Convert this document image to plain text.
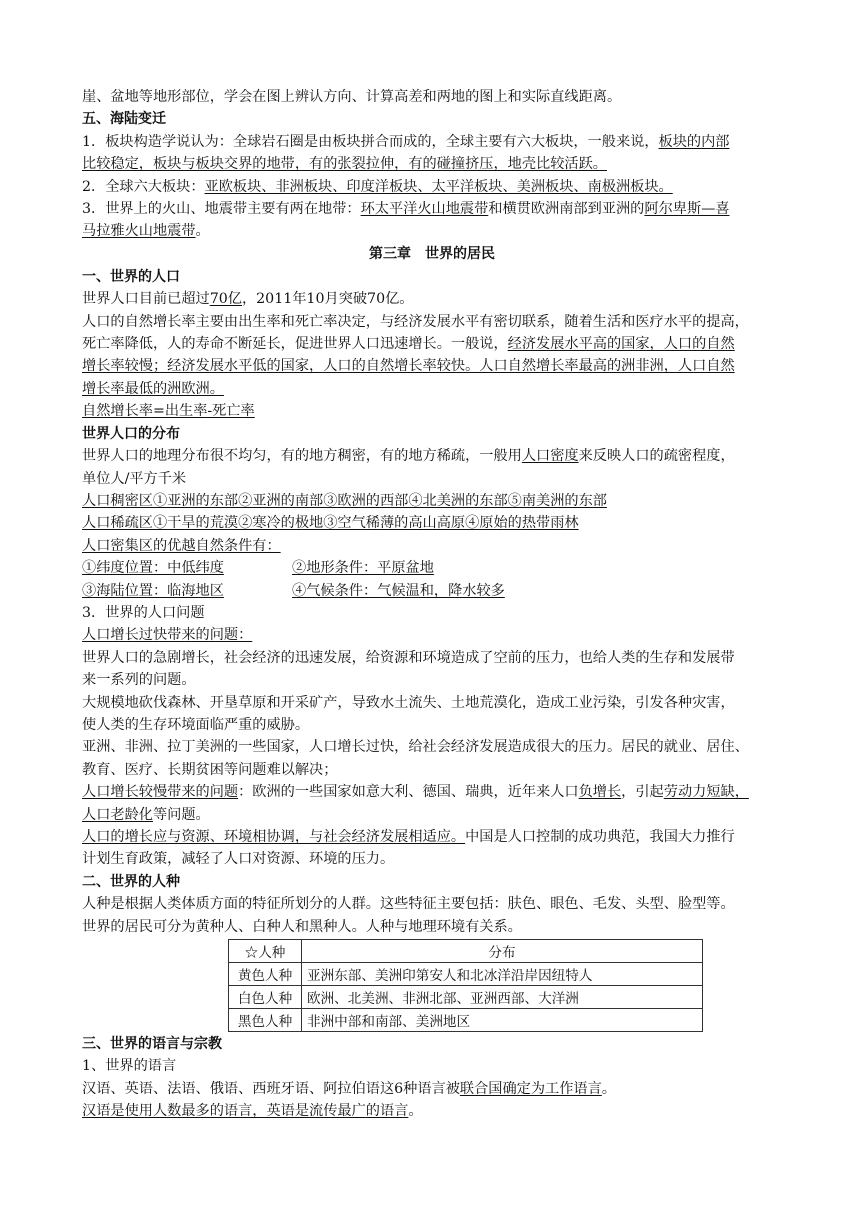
崖、盆地等地形部位，学会在图上辨认方向、计算高差和两地的图上和实际直线距离。
五、海陆变迁
1．板块构造学说认为：全球岩石圈是由板块拼合而成的，全球主要有六大板块，一般来说，板块的内部
比较稳定，板块与板块交界的地带，有的张裂拉伸，有的碰撞挤压，地壳比较活跃。
2．全球六大板块：亚欧板块、非洲板块、印度洋板块、太平洋板块、美洲板块、南极洲板块。
3．世界上的火山、地震带主要有两在地带：环太平洋火山地震带和横贯欧洲南部到亚洲的阿尔卑斯—喜
马拉雅火山地震带。
第三章　世界的居民
一、世界的人口
世界人口目前已超过70亿，2011年10月突破70亿。
人口的自然增长率主要由出生率和死亡率决定，与经济发展水平有密切联系，随着生活和医疗水平的提高，
死亡率降低，人的寿命不断延长，促进世界人口迅速增长。一般说，经济发展水平高的国家，人口的自然
增长率较慢；经济发展水平低的国家，人口的自然增长率较快。人口自然增长率最高的洲非洲，人口自然
增长率最低的洲欧洲。
自然增长率=出生率-死亡率
世界人口的分布
世界人口的地理分布很不均匀，有的地方稠密，有的地方稀疏，一般用人口密度来反映人口的疏密程度，
单位人/平方千米
人口稠密区①亚洲的东部②亚洲的南部③欧洲的西部④北美洲的东部⑤南美洲的东部
人口稀疏区①干旱的荒漠②寒冷的极地③空气稀薄的高山高原④原始的热带雨林
人口密集区的优越自然条件有：
①纬度位置：中低纬度	②地形条件：平原盆地
③海陆位置：临海地区	④气候条件：气候温和，降水较多
3．世界的人口问题
人口增长过快带来的问题：
世界人口的急剧增长，社会经济的迅速发展，给资源和环境造成了空前的压力，也给人类的生存和发展带
来一系列的问题。
大规模地砍伐森林、开垦草原和开采矿产，导致水土流失、土地荒漠化，造成工业污染，引发各种灾害，
使人类的生存环境面临严重的威胁。
亚洲、非洲、拉丁美洲的一些国家，人口增长过快，给社会经济发展造成很大的压力。居民的就业、居住、
教育、医疗、长期贫困等问题难以解决；
人口增长较慢带来的问题：欧洲的一些国家如意大利、德国、瑞典，近年来人口负增长，引起劳动力短缺，
人口老龄化等问题。
人口的增长应与资源、环境相协调，与社会经济发展相适应。中国是人口控制的成功典范，我国大力推行
计划生育政策，减轻了人口对资源、环境的压力。
二、世界的人种
人种是根据人类体质方面的特征所划分的人群。这些特征主要包括：肤色、眼色、毛发、头型、脸型等。
世界的居民可分为黄种人、白种人和黑种人。人种与地理环境有关系。
☆人种	分布
黄色人种	亚洲东部、美洲印第安人和北冰洋沿岸因纽特人
白色人种	欧洲、北美洲、非洲北部、亚洲西部、大洋洲
黑色人种	非洲中部和南部、美洲地区
三、世界的语言与宗教
1、世界的语言
汉语、英语、法语、俄语、西班牙语、阿拉伯语这6种语言被联合国确定为工作语言。
汉语是使用人数最多的语言，英语是流传最广的语言。
